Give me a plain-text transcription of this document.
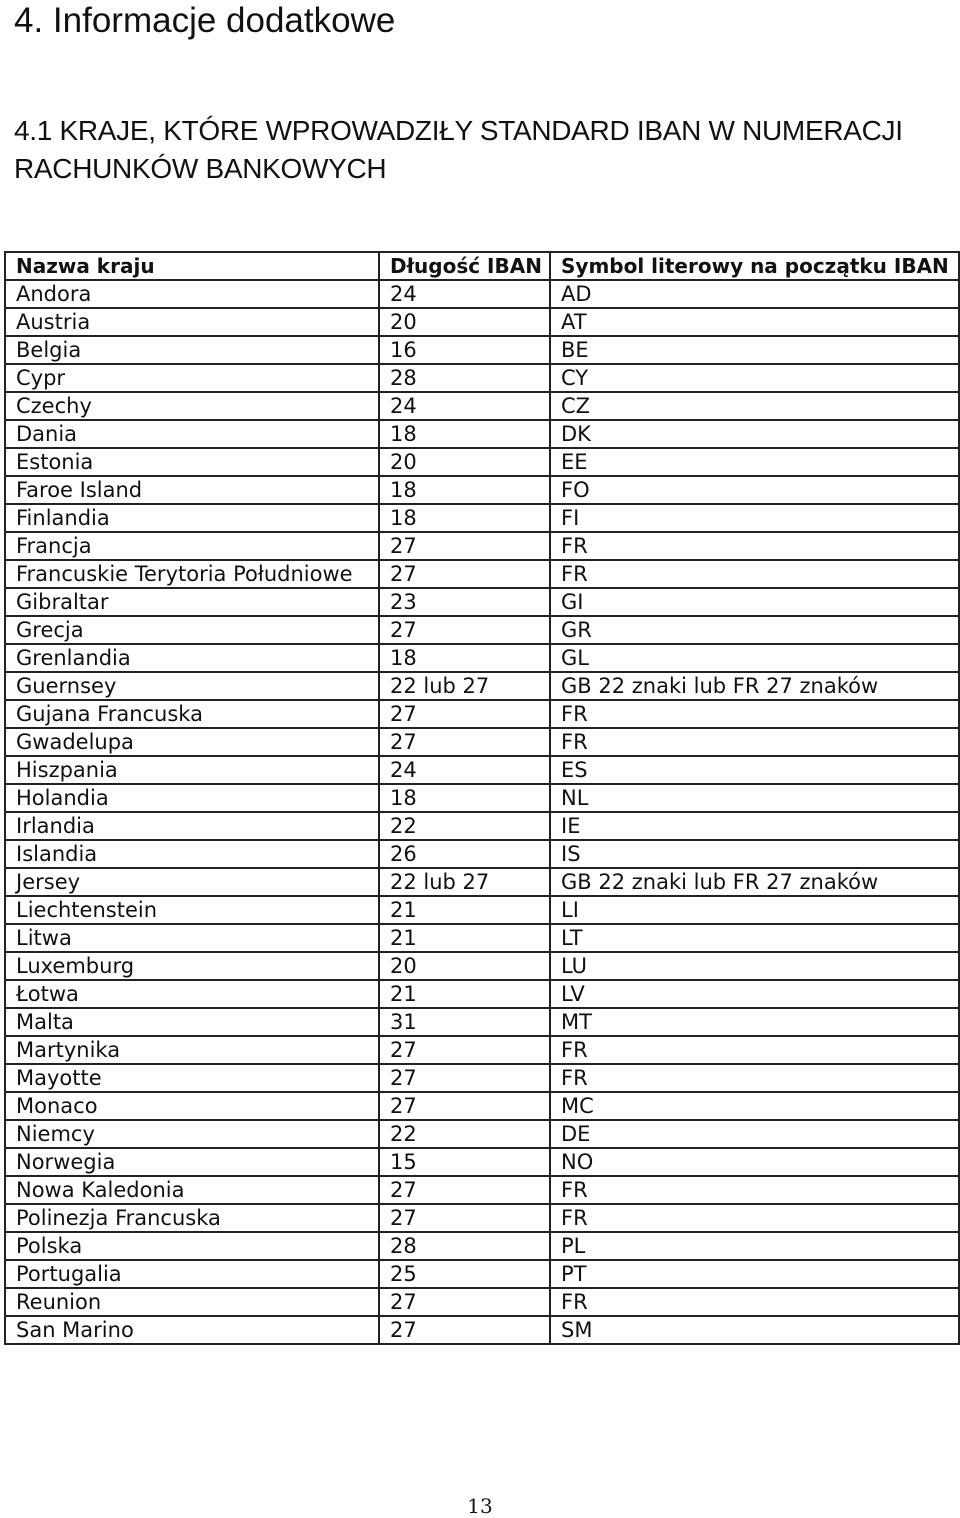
4. Informacje dodatkowe
4.1 KRAJE, KTÓRE WPROWADZIŁY STANDARD IBAN W NUMERACJI
RACHUNKÓW BANKOWYCH
Nazwa kraju	Długość IBAN	Symbol literowy na początku IBAN
Andora	24	AD
Austria	20	AT
Belgia	16	BE
Cypr	28	CY
Czechy	24	CZ
Dania	18	DK
Estonia	20	EE
Faroe Island	18	FO
Finlandia	18	FI
Francja	27	FR
Francuskie Terytoria Południowe	27	FR
Gibraltar	23	GI
Grecja	27	GR
Grenlandia	18	GL
Guernsey	22 lub 27	GB 22 znaki lub FR 27 znaków
Gujana Francuska	27	FR
Gwadelupa	27	FR
Hiszpania	24	ES
Holandia	18	NL
Irlandia	22	IE
Islandia	26	IS
Jersey	22 lub 27	GB 22 znaki lub FR 27 znaków
Liechtenstein	21	LI
Litwa	21	LT
Luxemburg	20	LU
Łotwa	21	LV
Malta	31	MT
Martynika	27	FR
Mayotte	27	FR
Monaco	27	MC
Niemcy	22	DE
Norwegia	15	NO
Nowa Kaledonia	27	FR
Polinezja Francuska	27	FR
Polska	28	PL
Portugalia	25	PT
Reunion	27	FR
San Marino	27	SM
13
